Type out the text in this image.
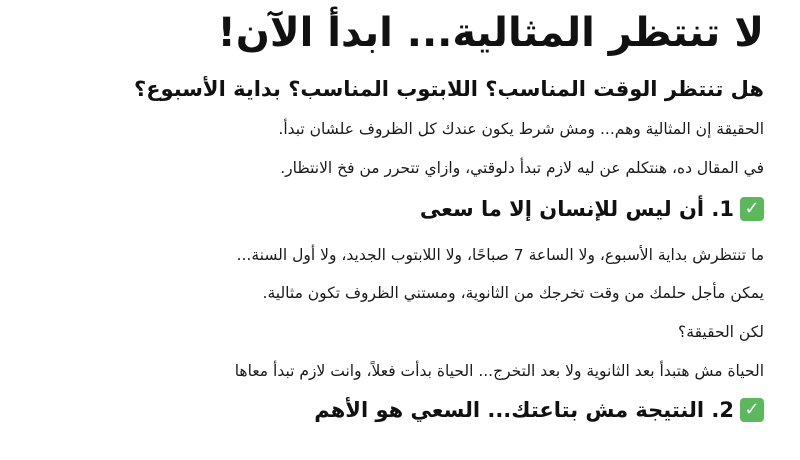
لا تنتظر المثالية... ابدأ الآن!
هل تنتظر الوقت المناسب؟ اللابتوب المناسب؟ بداية الأسبوع؟

الحقيقة إن المثالية وهم... ومش شرط يكون عندك كل الظروف علشان تبدأ.

في المقال ده، هنتكلم عن ليه لازم تبدأ دلوقتي، وازاي تتحرر من فخ الانتظار.

✓
1. أن ليس للإنسان إلا ما سعى

ما تنتظرش بداية الأسبوع، ولا الساعة 7 صباحًا، ولا اللابتوب الجديد، ولا أول السنة...

يمكن مأجل حلمك من وقت تخرجك من الثانوية، ومستني الظروف تكون مثالية.

لكن الحقيقة؟

الحياة مش هتبدأ بعد الثانوية ولا بعد التخرج... الحياة بدأت فعلاً، وانت لازم تبدأ معاها

✓
2. النتيجة مش بتاعتك... السعي هو الأهم
